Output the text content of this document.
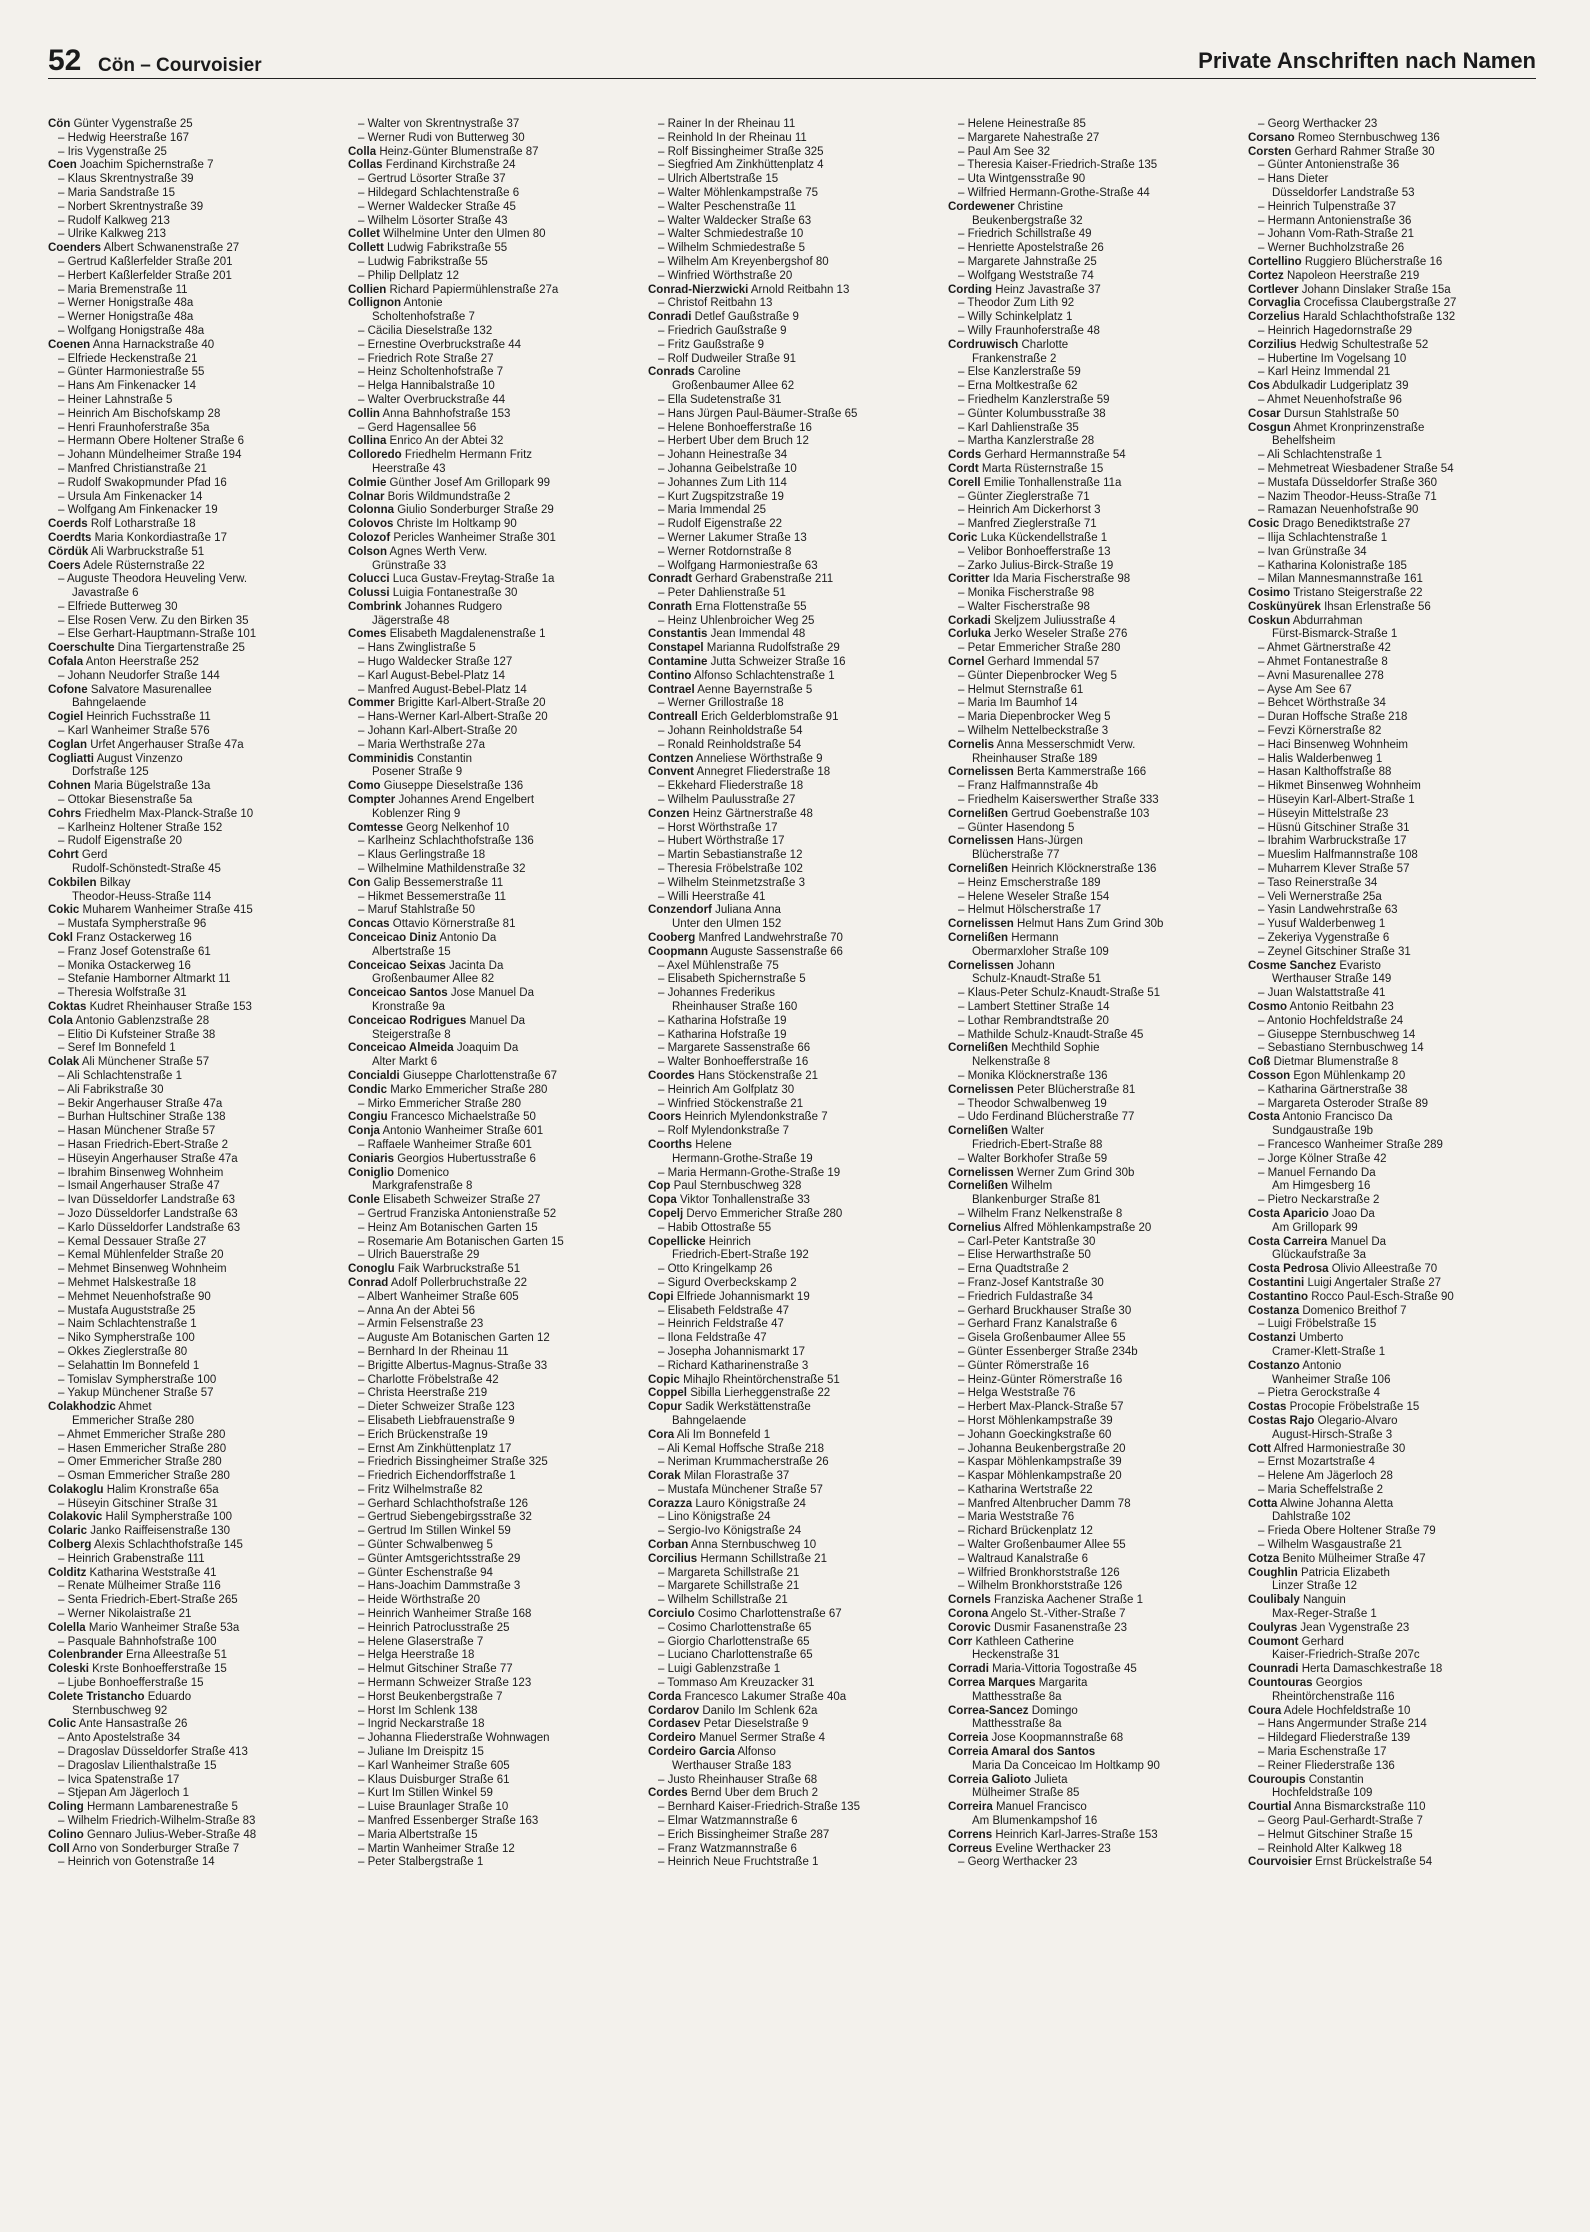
52 Cön – Courvoisier	Private Anschriften nach Namen
Cön Günter Vygenstraße 25
– Hedwig Heerstraße 167
– Iris Vygenstraße 25
Coen Joachim Spichernstraße 7
– Klaus Skrentnystraße 39
– Maria Sandstraße 15
– Norbert Skrentnystraße 39
– Rudolf Kalkweg 213
– Ulrike Kalkweg 213
Coenders Albert Schwanenstraße 27
– Gertrud Kaßlerfelder Straße 201
– Herbert Kaßlerfelder Straße 201
– Maria Bremenstraße 11
– Werner Honigstraße 48a
– Werner Honigstraße 48a
– Wolfgang Honigstraße 48a
Coenen Anna Harnackstraße 40
– Elfriede Heckenstraße 21
– Günter Harmoniestraße 55
– Hans Am Finkenacker 14
– Heiner Lahnstraße 5
– Heinrich Am Bischofskamp 28
– Henri Fraunhoferstraße 35a
– Hermann Obere Holtener Straße 6
– Johann Mündelheimer Straße 194
– Manfred Christianstraße 21
– Rudolf Swakopmunder Pfad 16
– Ursula Am Finkenacker 14
– Wolfgang Am Finkenacker 19
Coerds Rolf Lotharstraße 18
Coerdts Maria Konkordiastraße 17
Cördük Ali Warbruckstraße 51
Coers Adele Rüsternstraße 22
– Auguste Theodora Heuveling Verw.
Javastraße 6
– Elfriede Butterweg 30
– Else Rosen Verw. Zu den Birken 35
– Else Gerhart-Hauptmann-Straße 101
Coerschulte Dina Tiergartenstraße 25
Cofala Anton Heerstraße 252
– Johann Neudorfer Straße 144
Cofone Salvatore Masurenallee
Bahngelaende
Cogiel Heinrich Fuchsstraße 11
– Karl Wanheimer Straße 576
Coglan Urfet Angerhauser Straße 47a
Cogliatti August Vinzenzo
Dorfstraße 125
Cohnen Maria Bügelstraße 13a
– Ottokar Biesenstraße 5a
Cohrs Friedhelm Max-Planck-Straße 10
– Karlheinz Holtener Straße 152
– Rudolf Eigenstraße 20
Cohrt Gerd
Rudolf-Schönstedt-Straße 45
Cokbilen Bilkay
Theodor-Heuss-Straße 114
Cokic Muharem Wanheimer Straße 415
– Mustafa Sympherstraße 96
Cokl Franz Ostackerweg 16
– Franz Josef Gotenstraße 61
– Monika Ostackerweg 16
– Stefanie Hamborner Altmarkt 11
– Theresia Wolfstraße 31
Coktas Kudret Rheinhauser Straße 153
Cola Antonio Gablenzstraße 28
– Elitio Di Kufsteiner Straße 38
– Seref Im Bonnefeld 1
Colak Ali Münchener Straße 57
– Ali Schlachtenstraße 1
– Ali Fabrikstraße 30
– Bekir Angerhauser Straße 47a
– Burhan Hultschiner Straße 138
– Hasan Münchener Straße 57
– Hasan Friedrich-Ebert-Straße 2
– Hüseyin Angerhauser Straße 47a
– Ibrahim Binsenweg Wohnheim
– Ismail Angerhauser Straße 47
– Ivan Düsseldorfer Landstraße 63
– Jozo Düsseldorfer Landstraße 63
– Karlo Düsseldorfer Landstraße 63
– Kemal Dessauer Straße 27
– Kemal Mühlenfelder Straße 20
– Mehmet Binsenweg Wohnheim
– Mehmet Halskestraße 18
– Mehmet Neuenhofstraße 90
– Mustafa Auguststraße 25
– Naim Schlachtenstraße 1
– Niko Sympherstraße 100
– Okkes Zieglerstraße 80
– Selahattin Im Bonnefeld 1
– Tomislav Sympherstraße 100
– Yakup Münchener Straße 57
Colakhodzic Ahmet
Emmericher Straße 280
– Ahmet Emmericher Straße 280
– Hasen Emmericher Straße 280
– Omer Emmericher Straße 280
– Osman Emmericher Straße 280
Colakoglu Halim Kronstraße 65a
– Hüseyin Gitschiner Straße 31
Colakovic Halil Sympherstraße 100
Colaric Janko Raiffeisenstraße 130
Colberg Alexis Schlachthofstraße 145
– Heinrich Grabenstraße 111
Colditz Katharina Weststraße 41
– Renate Mülheimer Straße 116
– Senta Friedrich-Ebert-Straße 265
– Werner Nikolaistraße 21
Colella Mario Wanheimer Straße 53a
– Pasquale Bahnhofstraße 100
Colenbrander Erna Alleestraße 51
Coleski Krste Bonhoefferstraße 15
– Ljube Bonhoefferstraße 15
Colete Tristancho Eduardo
Sternbuschweg 92
Colic Ante Hansastraße 26
– Anto Apostelstraße 34
– Dragoslav Düsseldorfer Straße 413
– Dragoslav Lilienthalstraße 15
– Ivica Spatenstraße 17
– Stjepan Am Jägerloch 1
Coling Hermann Lambarenestraße 5
– Wilhelm Friedrich-Wilhelm-Straße 83
Colino Gennaro Julius-Weber-Straße 48
Coll Arno von Sonderburger Straße 7
– Heinrich von Gotenstraße 14
– Walter von Skrentnystraße 37
– Werner Rudi von Butterweg 30
Colla Heinz-Günter Blumenstraße 87
Collas Ferdinand Kirchstraße 24
– Gertrud Lösorter Straße 37
– Hildegard Schlachtenstraße 6
– Werner Waldecker Straße 45
– Wilhelm Lösorter Straße 43
Collet Wilhelmine Unter den Ulmen 80
Collett Ludwig Fabrikstraße 55
– Ludwig Fabrikstraße 55
– Philip Dellplatz 12
Collien Richard Papiermühlenstraße 27a
Collignon Antonie
Scholtenhofstraße 7
– Cäcilia Dieselstraße 132
– Ernestine Overbruckstraße 44
– Friedrich Rote Straße 27
– Heinz Scholtenhofstraße 7
– Helga Hannibalstraße 10
– Walter Overbruckstraße 44
Collin Anna Bahnhofstraße 153
– Gerd Hagensallee 56
Collina Enrico An der Abtei 32
Colloredo Friedhelm Hermann Fritz
Heerstraße 43
Colmie Günther Josef Am Grillopark 99
Colnar Boris Wildmundstraße 2
Colonna Giulio Sonderburger Straße 29
Colovos Christe Im Holtkamp 90
Colozof Pericles Wanheimer Straße 301
Colson Agnes Werth Verw.
Grünstraße 33
Colucci Luca Gustav-Freytag-Straße 1a
Colussi Luigia Fontanestraße 30
Combrink Johannes Rudgero
Jägerstraße 48
Comes Elisabeth Magdalenenstraße 1
– Hans Zwinglistraße 5
– Hugo Waldecker Straße 127
– Karl August-Bebel-Platz 14
– Manfred August-Bebel-Platz 14
Commer Brigitte Karl-Albert-Straße 20
– Hans-Werner Karl-Albert-Straße 20
– Johann Karl-Albert-Straße 20
– Maria Werthstraße 27a
Comminidis Constantin
Posener Straße 9
Como Giuseppe Dieselstraße 136
Compter Johannes Arend Engelbert
Koblenzer Ring 9
Comtesse Georg Nelkenhof 10
– Karlheinz Schlachthofstraße 136
– Klaus Gerlingstraße 18
– Wilhelmine Mathildenstraße 32
Con Galip Bessemerstraße 11
– Hikmet Bessemerstraße 11
– Maruf Stahlstraße 50
Concas Ottavio Körnerstraße 81
Conceicao Diniz Antonio Da
Albertstraße 15
Conceicao Seixas Jacinta Da
Großenbaumer Allee 82
Conceicao Santos Jose Manuel Da
Kronstraße 9a
Conceicao Rodrigues Manuel Da
Steigerstraße 8
Conceicao Almeida Joaquim Da
Alter Markt 6
Concialdi Giuseppe Charlottenstraße 67
Condic Marko Emmericher Straße 280
– Mirko Emmericher Straße 280
Congiu Francesco Michaelstraße 50
Conja Antonio Wanheimer Straße 601
– Raffaele Wanheimer Straße 601
Coniaris Georgios Hubertusstraße 6
Coniglio Domenico
Markgrafenstraße 8
Conle Elisabeth Schweizer Straße 27
– Gertrud Franziska Antonienstraße 52
– Heinz Am Botanischen Garten 15
– Rosemarie Am Botanischen Garten 15
– Ulrich Bauerstraße 29
Conoglu Faik Warbruckstraße 51
Conrad Adolf Pollerbruchstraße 22
– Albert Wanheimer Straße 605
– Anna An der Abtei 56
– Armin Felsenstraße 23
– Auguste Am Botanischen Garten 12
– Bernhard In der Rheinau 11
– Brigitte Albertus-Magnus-Straße 33
– Charlotte Fröbelstraße 42
– Christa Heerstraße 219
– Dieter Schweizer Straße 123
– Elisabeth Liebfrauenstraße 9
– Erich Brückenstraße 19
– Ernst Am Zinkhüttenplatz 17
– Friedrich Bissingheimer Straße 325
– Friedrich Eichendorffstraße 1
– Fritz Wilhelmstraße 82
– Gerhard Schlachthofstraße 126
– Gertrud Siebengebirgsstraße 32
– Gertrud Im Stillen Winkel 59
– Günter Schwalbenweg 5
– Günter Amtsgerichtsstraße 29
– Günter Eschenstraße 94
– Hans-Joachim Dammstraße 3
– Heide Wörthstraße 20
– Heinrich Wanheimer Straße 168
– Heinrich Patroclusstraße 25
– Helene Glaserstraße 7
– Helga Heerstraße 18
– Helmut Gitschiner Straße 77
– Hermann Schweizer Straße 123
– Horst Beukenbergstraße 7
– Horst Im Schlenk 138
– Ingrid Neckarstraße 18
– Johanna Fliederstraße Wohnwagen
– Juliane Im Dreispitz 15
– Karl Wanheimer Straße 605
– Klaus Duisburger Straße 61
– Kurt Im Stillen Winkel 59
– Luise Braunlager Straße 10
– Manfred Essenberger Straße 163
– Maria Albertstraße 15
– Martin Wanheimer Straße 12
– Peter Stalbergstraße 1
– Rainer In der Rheinau 11
– Reinhold In der Rheinau 11
– Rolf Bissingheimer Straße 325
– Siegfried Am Zinkhüttenplatz 4
– Ulrich Albertstraße 15
– Walter Möhlenkampstraße 75
– Walter Peschenstraße 11
– Walter Waldecker Straße 63
– Walter Schmiedestraße 10
– Wilhelm Schmiedestraße 5
– Wilhelm Am Kreyenbergshof 80
– Winfried Wörthstraße 20
Conrad-Nierzwicki Arnold Reitbahn 13
– Christof Reitbahn 13
Conradi Detlef Gaußstraße 9
– Friedrich Gaußstraße 9
– Fritz Gaußstraße 9
– Rolf Dudweiler Straße 91
Conrads Caroline
Großenbaumer Allee 62
– Ella Sudetenstraße 31
– Hans Jürgen Paul-Bäumer-Straße 65
– Helene Bonhoefferstraße 16
– Herbert Über dem Bruch 12
– Johann Heinestraße 34
– Johanna Geibelstraße 10
– Johannes Zum Lith 114
– Kurt Zugspitzstraße 19
– Maria Immendal 25
– Rudolf Eigenstraße 22
– Werner Lakumer Straße 13
– Werner Rotdornstraße 8
– Wolfgang Harmoniestraße 63
Conradt Gerhard Grabenstraße 211
– Peter Dahlienstraße 51
Conrath Erna Flottenstraße 55
– Heinz Uhlenbroicher Weg 25
Constantis Jean Immendal 48
Constapel Marianna Rudolfstraße 29
Contamine Jutta Schweizer Straße 16
Contino Alfonso Schlachtenstraße 1
Contrael Aenne Bayernstraße 5
– Werner Grillostraße 18
Contreall Erich Gelderblomstraße 91
– Johann Reinholdstraße 54
– Ronald Reinholdstraße 54
Contzen Anneliese Wörthstraße 9
Convent Annegret Fliederstraße 18
– Ekkehard Fliederstraße 18
– Wilhelm Paulusstraße 27
Conzen Heinz Gärtnerstraße 48
– Horst Wörthstraße 17
– Hubert Wörthstraße 17
– Martin Sebastianstraße 12
– Theresia Fröbelstraße 102
– Wilhelm Steinmetzstraße 3
– Willi Heerstraße 41
Conzendorf Juliana Anna
Unter den Ulmen 152
Cooberg Manfred Landwehrstraße 70
Coopmann Auguste Sassenstraße 66
– Axel Mühlenstraße 75
– Elisabeth Spichernstraße 5
– Johannes Frederikus
Rheinhauser Straße 160
– Katharina Hofstraße 19
– Katharina Hofstraße 19
– Margarete Sassenstraße 66
– Walter Bonhoefferstraße 16
Coordes Hans Stöckenstraße 21
– Heinrich Am Golfplatz 30
– Winfried Stöckenstraße 21
Coors Heinrich Mylendonkstraße 7
– Rolf Mylendonkstraße 7
Coorths Helene
Hermann-Grothe-Straße 19
– Maria Hermann-Grothe-Straße 19
Cop Paul Sternbuschweg 328
Copa Viktor Tonhallenstraße 33
Copelj Dervo Emmericher Straße 280
– Habib Ottostraße 55
Copellicke Heinrich
Friedrich-Ebert-Straße 192
– Otto Kringelkamp 26
– Sigurd Overbeckskamp 2
Copi Elfriede Johannismarkt 19
– Elisabeth Feldstraße 47
– Heinrich Feldstraße 47
– Ilona Feldstraße 47
– Josepha Johannismarkt 17
– Richard Katharinenstraße 3
Copic Mihajlo Rheintörchenstraße 51
Coppel Sibilla Lierheggenstraße 22
Copur Sadik Werkstättenstraße
Bahngelaende
Cora Ali Im Bonnefeld 1
– Ali Kemal Hoffsche Straße 218
– Neriman Krummacherstraße 26
Corak Milan Florastraße 37
– Mustafa Münchener Straße 57
Corazza Lauro Königstraße 24
– Lino Königstraße 24
– Sergio-Ivo Königstraße 24
Corban Anna Sternbuschweg 10
Corcilius Hermann Schillstraße 21
– Margareta Schillstraße 21
– Margarete Schillstraße 21
– Wilhelm Schillstraße 21
Corciulo Cosimo Charlottenstraße 67
– Cosimo Charlottenstraße 65
– Giorgio Charlottenstraße 65
– Luciano Charlottenstraße 65
– Luigi Gablenzstraße 1
– Tommaso Am Kreuzacker 31
Corda Francesco Lakumer Straße 40a
Cordarov Danilo Im Schlenk 62a
Cordasev Petar Dieselstraße 9
Cordeiro Manuel Sermer Straße 4
Cordeiro Garcia Alfonso
Werthauser Straße 183
– Justo Rheinhauser Straße 68
Cordes Bernd Über dem Bruch 2
– Bernhard Kaiser-Friedrich-Straße 135
– Elmar Watzmannstraße 6
– Erich Bissingheimer Straße 287
– Franz Watzmannstraße 6
– Heinrich Neue Fruchtstraße 1
– Helene Heinestraße 85
– Margarete Nahestraße 27
– Paul Am See 32
– Theresia Kaiser-Friedrich-Straße 135
– Uta Wintgensstraße 90
– Wilfried Hermann-Grothe-Straße 44
Cordewener Christine
Beukenbergstraße 32
– Friedrich Schillstraße 49
– Henriette Apostelstraße 26
– Margarete Jahnstraße 25
– Wolfgang Weststraße 74
Cording Heinz Javastraße 37
– Theodor Zum Lith 92
– Willy Schinkelplatz 1
– Willy Fraunhoferstraße 48
Cordruwisch Charlotte
Frankenstraße 2
– Else Kanzlerstraße 59
– Erna Moltkestraße 62
– Friedhelm Kanzlerstraße 59
– Günter Kolumbusstraße 38
– Karl Dahlienstraße 35
– Martha Kanzlerstraße 28
Cords Gerhard Hermannstraße 54
Cordt Marta Rüsternstraße 15
Corell Emilie Tonhallenstraße 11a
– Günter Zieglerstraße 71
– Heinrich Am Dickerhorst 3
– Manfred Zieglerstraße 71
Coric Luka Kückendellstraße 1
– Velibor Bonhoefferstraße 13
– Zarko Julius-Birck-Straße 19
Coritter Ida Maria Fischerstraße 98
– Monika Fischerstraße 98
– Walter Fischerstraße 98
Corkadi Skeljzem Juliusstraße 4
Corluka Jerko Weseler Straße 276
– Petar Emmericher Straße 280
Cornel Gerhard Immendal 57
– Günter Diepenbrocker Weg 5
– Helmut Sternstraße 61
– Maria Im Baumhof 14
– Maria Diepenbrocker Weg 5
– Wilhelm Nettelbeckstraße 3
Cornelis Anna Messerschmidt Verw.
Rheinhauser Straße 189
Cornelissen Berta Kammerstraße 166
– Franz Halfmannstraße 4b
– Friedhelm Kaiserswerther Straße 333
Cornelißen Gertrud Goebenstraße 103
– Günter Hasendong 5
Cornelissen Hans-Jürgen
Blücherstraße 77
Cornelißen Heinrich Klöcknerstraße 136
– Heinz Emscherstraße 189
– Helene Weseler Straße 154
– Helmut Hölscherstraße 17
Cornelissen Helmut Hans Zum Grind 30b
Cornelißen Hermann
Obermarxloher Straße 109
Cornelissen Johann
Schulz-Knaudt-Straße 51
– Klaus-Peter Schulz-Knaudt-Straße 51
– Lambert Stettiner Straße 14
– Lothar Rembrandtstraße 20
– Mathilde Schulz-Knaudt-Straße 45
Cornelißen Mechthild Sophie
Nelkenstraße 8
– Monika Klöcknerstraße 136
Cornelissen Peter Blücherstraße 81
– Theodor Schwalbenweg 19
– Udo Ferdinand Blücherstraße 77
Cornelißen Walter
Friedrich-Ebert-Straße 88
– Walter Borkhofer Straße 59
Cornelissen Werner Zum Grind 30b
Cornelißen Wilhelm
Blankenburger Straße 81
– Wilhelm Franz Nelkenstraße 8
Cornelius Alfred Möhlenkampstraße 20
– Carl-Peter Kantstraße 30
– Elise Herwarthstraße 50
– Erna Quadtstraße 2
– Franz-Josef Kantstraße 30
– Friedrich Fuldastraße 34
– Gerhard Bruckhauser Straße 30
– Gerhard Franz Kanalstraße 6
– Gisela Großenbaumer Allee 55
– Günter Essenberger Straße 234b
– Günter Römerstraße 16
– Heinz-Günter Römerstraße 16
– Helga Weststraße 76
– Herbert Max-Planck-Straße 57
– Horst Möhlenkampstraße 39
– Johann Goeckingkstraße 60
– Johanna Beukenbergstraße 20
– Kaspar Möhlenkampstraße 39
– Kaspar Möhlenkampstraße 20
– Katharina Wertstraße 22
– Manfred Altenbrucher Damm 78
– Maria Weststraße 76
– Richard Brückenplatz 12
– Walter Großenbaumer Allee 55
– Waltraud Kanalstraße 6
– Wilfried Bronkhorststraße 126
– Wilhelm Bronkhorststraße 126
Cornels Franziska Aachener Straße 1
Corona Angelo St.-Vither-Straße 7
Corovic Dusmir Fasanenstraße 23
Corr Kathleen Catherine
Heckenstraße 31
Corradi Maria-Vittoria Togostraße 45
Correa Marques Margarita
Matthesstraße 8a
Correa-Sancez Domingo
Matthesstraße 8a
Correia Jose Koopmannstraße 68
Correia Amaral dos Santos
Maria Da Conceicao Im Holtkamp 90
Correia Galioto Julieta
Mülheimer Straße 85
Correira Manuel Francisco
Am Blumenkampshof 16
Correns Heinrich Karl-Jarres-Straße 153
Correus Eveline Werthacker 23
– Georg Werthacker 23
– Georg Werthacker 23
Corsano Romeo Sternbuschweg 136
Corsten Gerhard Rahmer Straße 30
– Günter Antonienstraße 36
– Hans Dieter
Düsseldorfer Landstraße 53
– Heinrich Tulpenstraße 37
– Hermann Antonienstraße 36
– Johann Vom-Rath-Straße 21
– Werner Buchholzstraße 26
Cortellino Ruggiero Blücherstraße 16
Cortez Napoleon Heerstraße 219
Cortlever Johann Dinslaker Straße 15a
Corvaglia Crocefissa Claubergstraße 27
Corzelius Harald Schlachthofstraße 132
– Heinrich Hagedornstraße 29
Corzilius Hedwig Schultestraße 52
– Hubertine Im Vogelsang 10
– Karl Heinz Immendal 21
Cos Abdulkadir Ludgeriplatz 39
– Ahmet Neuenhofstraße 96
Cosar Dursun Stahlstraße 50
Cosgun Ahmet Kronprinzenstraße
Behelfsheim
– Ali Schlachtenstraße 1
– Mehmetreat Wiesbadener Straße 54
– Mustafa Düsseldorfer Straße 360
– Nazim Theodor-Heuss-Straße 71
– Ramazan Neuenhofstraße 90
Cosic Drago Benediktstraße 27
– Ilija Schlachtenstraße 1
– Ivan Grünstraße 34
– Katharina Kolonistraße 185
– Milan Mannesmannstraße 161
Cosimo Tristano Steigerstraße 22
Coskünyürek Ihsan Erlenstraße 56
Coskun Abdurrahman
Fürst-Bismarck-Straße 1
– Ahmet Gärtnerstraße 42
– Ahmet Fontanestraße 8
– Avni Masurenallee 278
– Ayse Am See 67
– Behcet Wörthstraße 34
– Duran Hoffsche Straße 218
– Fevzi Körnerstraße 82
– Haci Binsenweg Wohnheim
– Halis Walderbenweg 1
– Hasan Kalthoffstraße 88
– Hikmet Binsenweg Wohnheim
– Hüseyin Karl-Albert-Straße 1
– Hüseyin Mittelstraße 23
– Hüsnü Gitschiner Straße 31
– Ibrahim Warbruckstraße 17
– Mueslim Halfmannstraße 108
– Muharrem Klever Straße 57
– Taso Reinerstraße 34
– Veli Wernerstraße 25a
– Yasin Landwehrstraße 63
– Yusuf Walderbenweg 1
– Zekeriya Vygenstraße 6
– Zeynel Gitschiner Straße 31
Cosme Sanchez Evaristo
Werthauser Straße 149
– Juan Walstattstraße 41
Cosmo Antonio Reitbahn 23
– Antonio Hochfeldstraße 24
– Giuseppe Sternbuschweg 14
– Sebastiano Sternbuschweg 14
Coß Dietmar Blumenstraße 8
Cosson Egon Mühlenkamp 20
– Katharina Gärtnerstraße 38
– Margareta Osteroder Straße 89
Costa Antonio Francisco Da
Sundgaustraße 19b
– Francesco Wanheimer Straße 289
– Jorge Kölner Straße 42
– Manuel Fernando Da
Am Himgesberg 16
– Pietro Neckarstraße 2
Costa Aparicio Joao Da
Am Grillopark 99
Costa Carreira Manuel Da
Glückaufstraße 3a
Costa Pedrosa Olivio Alleestraße 70
Costantini Luigi Angertaler Straße 27
Costantino Rocco Paul-Esch-Straße 90
Costanza Domenico Breithof 7
– Luigi Fröbelstraße 15
Costanzi Umberto
Cramer-Klett-Straße 1
Costanzo Antonio
Wanheimer Straße 106
– Pietra Gerockstraße 4
Costas Procopie Fröbelstraße 15
Costas Rajo Olegario-Alvaro
August-Hirsch-Straße 3
Cott Alfred Harmoniestraße 30
– Ernst Mozartstraße 4
– Helene Am Jägerloch 28
– Maria Scheffelstraße 2
Cotta Alwine Johanna Aletta
Dahlstraße 102
– Frieda Obere Holtener Straße 79
– Wilhelm Wasgaustraße 21
Cotza Benito Mülheimer Straße 47
Coughlin Patricia Elizabeth
Linzer Straße 12
Coulibaly Nanguin
Max-Reger-Straße 1
Coulyras Jean Vygenstraße 23
Coumont Gerhard
Kaiser-Friedrich-Straße 207c
Counradi Herta Damaschkestraße 18
Countouras Georgios
Rheintörchenstraße 116
Coura Adele Hochfeldstraße 10
– Hans Angermunder Straße 214
– Hildegard Fliederstraße 139
– Maria Eschenstraße 17
– Reiner Fliederstraße 136
Couroupis Constantin
Hochfeldstraße 109
Courtial Anna Bismarckstraße 110
– Georg Paul-Gerhardt-Straße 7
– Helmut Gitschiner Straße 15
– Reinhold Alter Kalkweg 18
Courvoisier Ernst Brückelstraße 54
